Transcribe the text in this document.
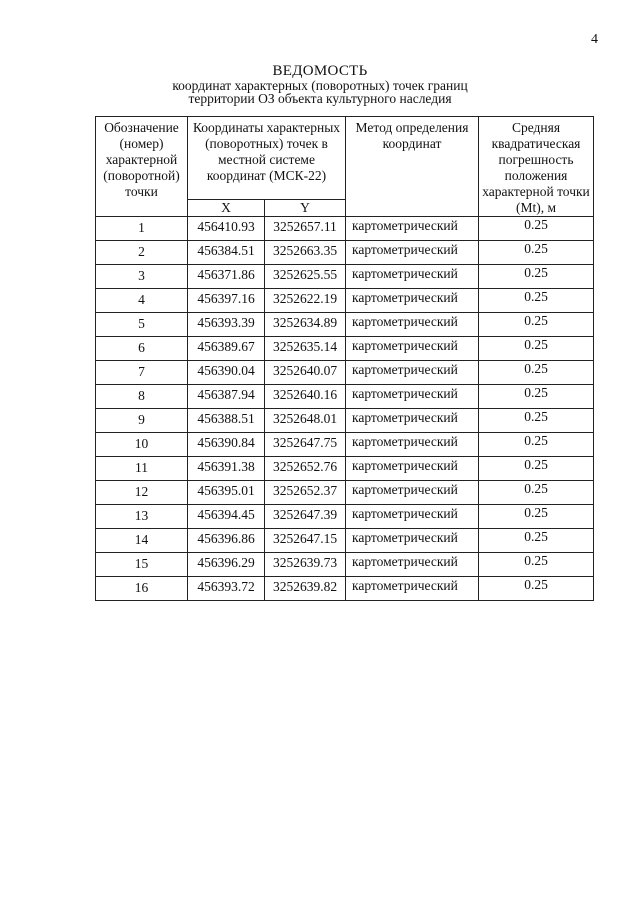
4
ВЕДОМОСТЬ
координат характерных (поворотных) точек границ
территории ОЗ объекта культурного наследия
Обозначение (номер) характерной (поворотной) точки	Координаты характерных (поворотных) точек в местной системе координат (МСК-22)		Метод определения координат	Средняя квадратическая погрешность положения характерной точки (Mt), м

	X	Y		
1	456410.93	3252657.11	картометрический	0.25
2	456384.51	3252663.35	картометрический	0.25
3	456371.86	3252625.55	картометрический	0.25
4	456397.16	3252622.19	картометрический	0.25
5	456393.39	3252634.89	картометрический	0.25
6	456389.67	3252635.14	картометрический	0.25
7	456390.04	3252640.07	картометрический	0.25
8	456387.94	3252640.16	картометрический	0.25
9	456388.51	3252648.01	картометрический	0.25
10	456390.84	3252647.75	картометрический	0.25
11	456391.38	3252652.76	картометрический	0.25
12	456395.01	3252652.37	картометрический	0.25
13	456394.45	3252647.39	картометрический	0.25
14	456396.86	3252647.15	картометрический	0.25
15	456396.29	3252639.73	картометрический	0.25
16	456393.72	3252639.82	картометрический	0.25
